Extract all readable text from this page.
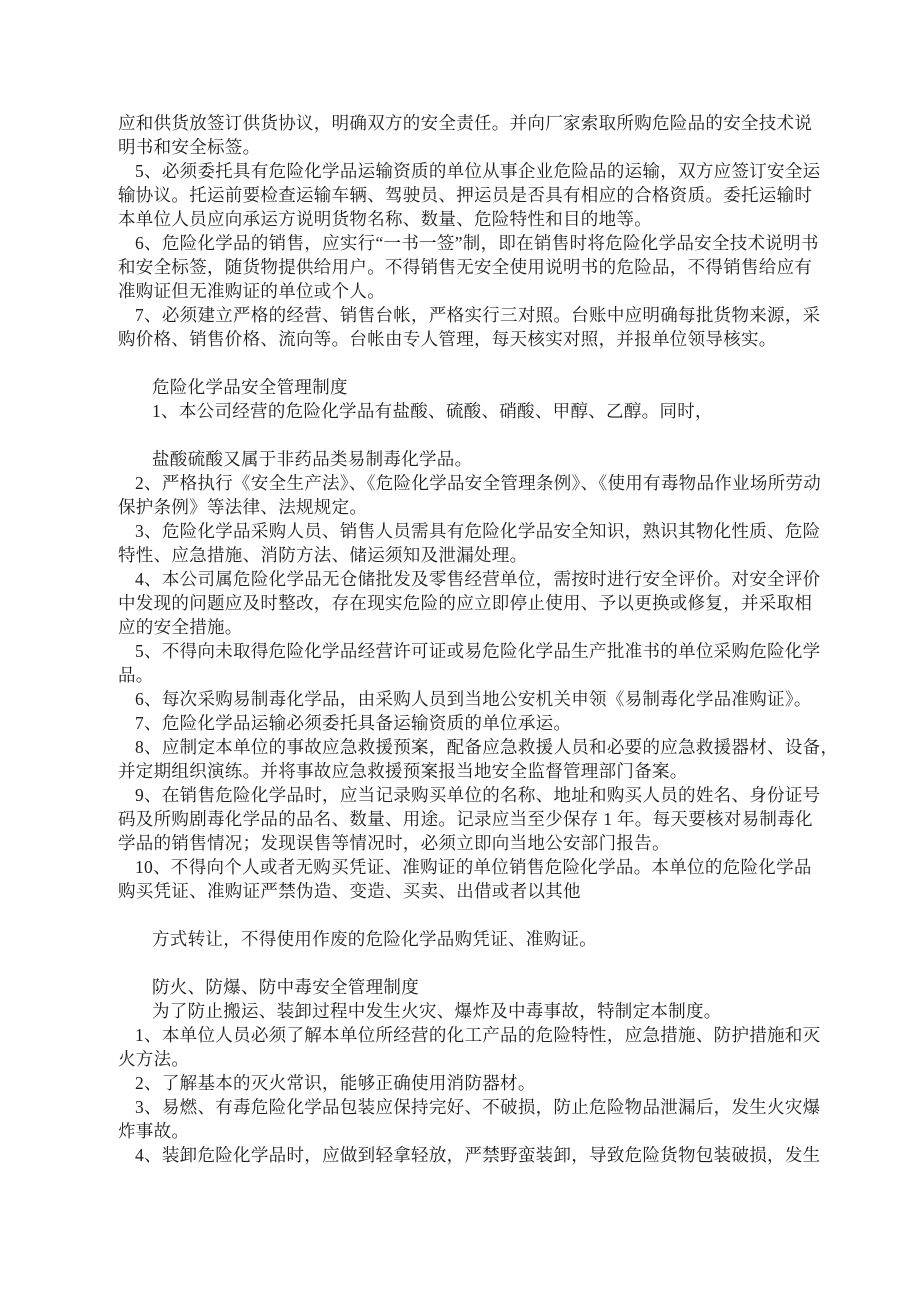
应和供货放签订供货协议，明确双方的安全责任。并向厂家索取所购危险品的安全技术说
明书和安全标签。
5、必须委托具有危险化学品运输资质的单位从事企业危险品的运输，双方应签订安全运
输协议。托运前要检查运输车辆、驾驶员、押运员是否具有相应的合格资质。委托运输时
本单位人员应向承运方说明货物名称、数量、危险特性和目的地等。
6、危险化学品的销售，应实行“一书一签”制，即在销售时将危险化学品安全技术说明书
和安全标签，随货物提供给用户。不得销售无安全使用说明书的危险品，不得销售给应有
准购证但无准购证的单位或个人。
7、必须建立严格的经营、销售台帐，严格实行三对照。台账中应明确每批货物来源，采
购价格、销售价格、流向等。台帐由专人管理，每天核实对照，并报单位领导核实。

危险化学品安全管理制度
1、本公司经营的危险化学品有盐酸、硫酸、硝酸、甲醇、乙醇。同时，

盐酸硫酸又属于非药品类易制毒化学品。
2、严格执行《安全生产法》、《危险化学品安全管理条例》、《使用有毒物品作业场所劳动
保护条例》等法律、法规规定。
3、危险化学品采购人员、销售人员需具有危险化学品安全知识，熟识其物化性质、危险
特性、应急措施、消防方法、储运须知及泄漏处理。
4、本公司属危险化学品无仓储批发及零售经营单位，需按时进行安全评价。对安全评价
中发现的问题应及时整改，存在现实危险的应立即停止使用、予以更换或修复，并采取相
应的安全措施。
5、不得向未取得危险化学品经营许可证或易危险化学品生产批准书的单位采购危险化学
品。
6、每次采购易制毒化学品，由采购人员到当地公安机关申领《易制毒化学品准购证》。
7、危险化学品运输必须委托具备运输资质的单位承运。
8、应制定本单位的事故应急救援预案，配备应急救援人员和必要的应急救援器材、设备，
并定期组织演练。并将事故应急救援预案报当地安全监督管理部门备案。
9、在销售危险化学品时，应当记录购买单位的名称、地址和购买人员的姓名、身份证号
码及所购剧毒化学品的品名、数量、用途。记录应当至少保存 1 年。每天要核对易制毒化
学品的销售情况；发现误售等情况时，必须立即向当地公安部门报告。
10、不得向个人或者无购买凭证、准购证的单位销售危险化学品。本单位的危险化学品
购买凭证、准购证严禁伪造、变造、买卖、出借或者以其他

方式转让，不得使用作废的危险化学品购凭证、准购证。

防火、防爆、防中毒安全管理制度
为了防止搬运、装卸过程中发生火灾、爆炸及中毒事故，特制定本制度。
1、本单位人员必须了解本单位所经营的化工产品的危险特性，应急措施、防护措施和灭
火方法。
2、了解基本的灭火常识，能够正确使用消防器材。
3、易燃、有毒危险化学品包装应保持完好、不破损，防止危险物品泄漏后，发生火灾爆
炸事故。
4、装卸危险化学品时，应做到轻拿轻放，严禁野蛮装卸，导致危险货物包装破损，发生
